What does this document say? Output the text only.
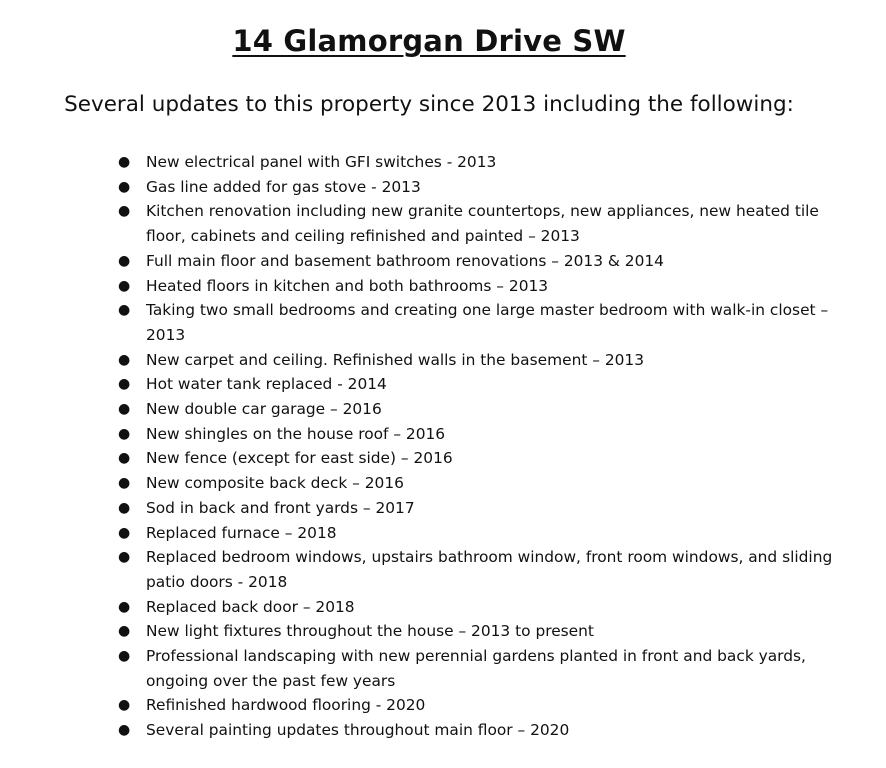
14 Glamorgan Drive SW

Several updates to this property since 2013 including the following:

● New electrical panel with GFI switches - 2013
● Gas line added for gas stove - 2013
● Kitchen renovation including new granite countertops, new appliances, new heated tile floor, cabinets and ceiling refinished and painted – 2013
● Full main floor and basement bathroom renovations – 2013 & 2014
● Heated floors in kitchen and both bathrooms – 2013
● Taking two small bedrooms and creating one large master bedroom with walk-in closet – 2013
● New carpet and ceiling. Refinished walls in the basement – 2013
● Hot water tank replaced - 2014
● New double car garage – 2016
● New shingles on the house roof – 2016
● New fence (except for east side) – 2016
● New composite back deck – 2016
● Sod in back and front yards – 2017
● Replaced furnace – 2018
● Replaced bedroom windows, upstairs bathroom window, front room windows, and sliding patio doors - 2018
● Replaced back door – 2018
● New light fixtures throughout the house – 2013 to present
● Professional landscaping with new perennial gardens planted in front and back yards, ongoing over the past few years
● Refinished hardwood flooring - 2020
● Several painting updates throughout main floor – 2020
